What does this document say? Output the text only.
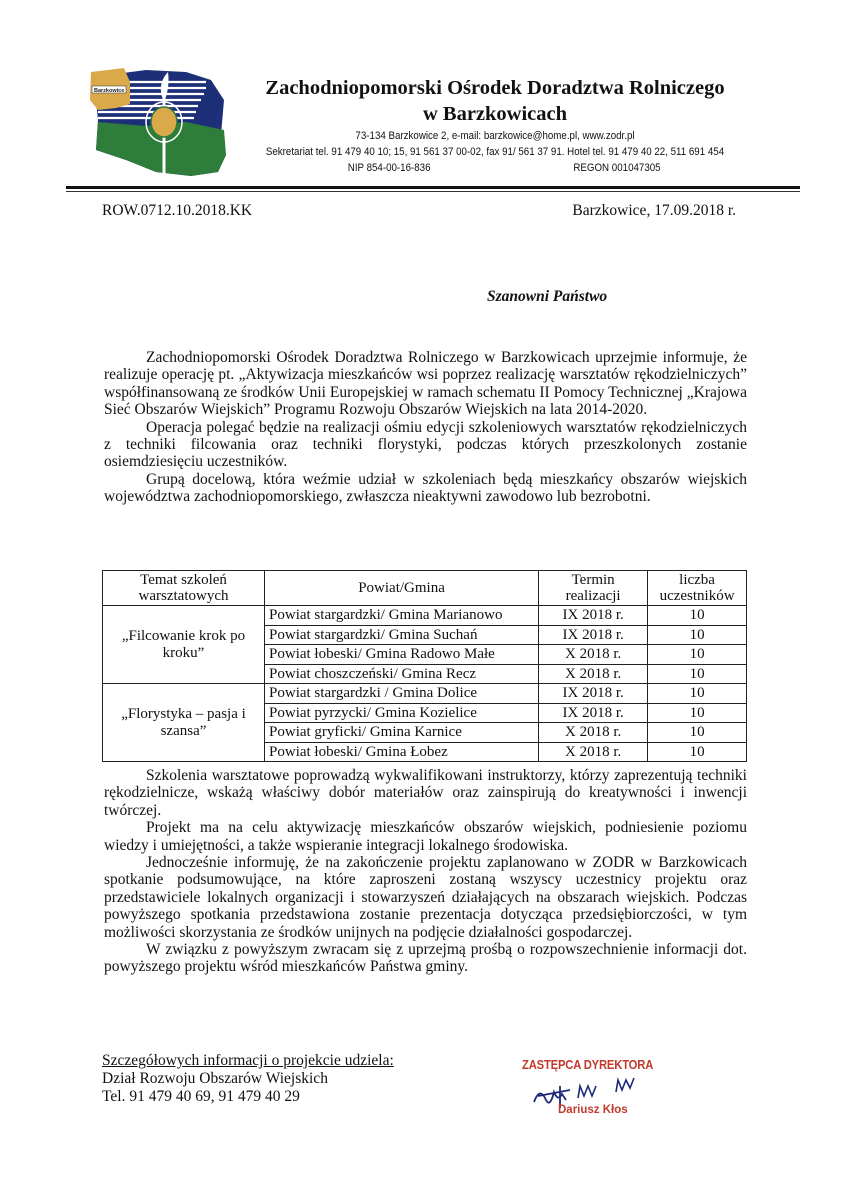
Barzkowice	Zachodniopomorski Ośrodek Doradztwa Rolniczego
w Barzkowicach
73-134 Barzkowice 2, e-mail: barzkowice@home.pl, www.zodr.pl
Sekretariat tel. 91 479 40 10; 15, 91 561 37 00-02, fax 91/ 561 37 91. Hotel tel. 91 479 40 22, 511 691 454
NIP 854-00-16-836	REGON 001047305
ROW.0712.10.2018.KK	Barzkowice, 17.09.2018 r.
Szanowni Państwo

Zachodniopomorski Ośrodek Doradztwa Rolniczego w Barzkowicach uprzejmie informuje, że realizuje operację pt. „Aktywizacja mieszkańców wsi poprzez realizację warsztatów rękodzielniczych” współfinansowaną ze środków Unii Europejskiej w ramach schematu II Pomocy Technicznej „Krajowa Sieć Obszarów Wiejskich” Programu Rozwoju Obszarów Wiejskich na lata 2014-2020.

Operacja polegać będzie na realizacji ośmiu edycji szkoleniowych warsztatów rękodzielniczych z techniki filcowania oraz techniki florystyki, podczas których przeszkolonych zostanie osiemdziesięciu uczestników.

Grupą docelową, która weźmie udział w szkoleniach będą mieszkańcy obszarów wiejskich województwa zachodniopomorskiego, zwłaszcza nieaktywni zawodowo lub bezrobotni.

Temat szkoleń warsztatowych	Powiat/Gmina	Termin realizacji	liczba uczestników
„Filcowanie krok po kroku”	Powiat stargardzki/ Gmina Marianowo	IX 2018 r.	10
	Powiat stargardzki/ Gmina Suchań	IX 2018 r.	10
	Powiat łobeski/ Gmina Radowo Małe	X 2018 r.	10
	Powiat choszczeński/ Gmina Recz	X 2018 r.	10
„Florystyka – pasja i szansa”	Powiat stargardzki / Gmina Dolice	IX 2018 r.	10
	Powiat pyrzycki/ Gmina Kozielice	IX 2018 r.	10
	Powiat gryficki/ Gmina Karnice	X 2018 r.	10
	Powiat łobeski/ Gmina Łobez	X 2018 r.	10

Szkolenia warsztatowe poprowadzą wykwalifikowani instruktorzy, którzy zaprezentują techniki rękodzielnicze, wskażą właściwy dobór materiałów oraz zainspirują do kreatywności i inwencji twórczej.

Projekt ma na celu aktywizację mieszkańców obszarów wiejskich, podniesienie poziomu wiedzy i umiejętności, a także wspieranie integracji lokalnego środowiska.

Jednocześnie informuję, że na zakończenie projektu zaplanowano w ZODR w Barzkowicach spotkanie podsumowujące, na które zaproszeni zostaną wszyscy uczestnicy projektu oraz przedstawiciele lokalnych organizacji i stowarzyszeń działających na obszarach wiejskich. Podczas powyższego spotkania przedstawiona zostanie prezentacja dotycząca przedsiębiorczości, w tym możliwości skorzystania ze środków unijnych na podjęcie działalności gospodarczej.

W związku z powyższym zwracam się z uprzejmą prośbą o rozpowszechnienie informacji dot. powyższego projektu wśród mieszkańców Państwa gminy.

Szczegółowych informacji o projekcie udziela:
Dział Rozwoju Obszarów Wiejskich
Tel. 91 479 40 69, 91 479 40 29
ZASTĘPCA DYREKTORA
Dariusz Kłos
